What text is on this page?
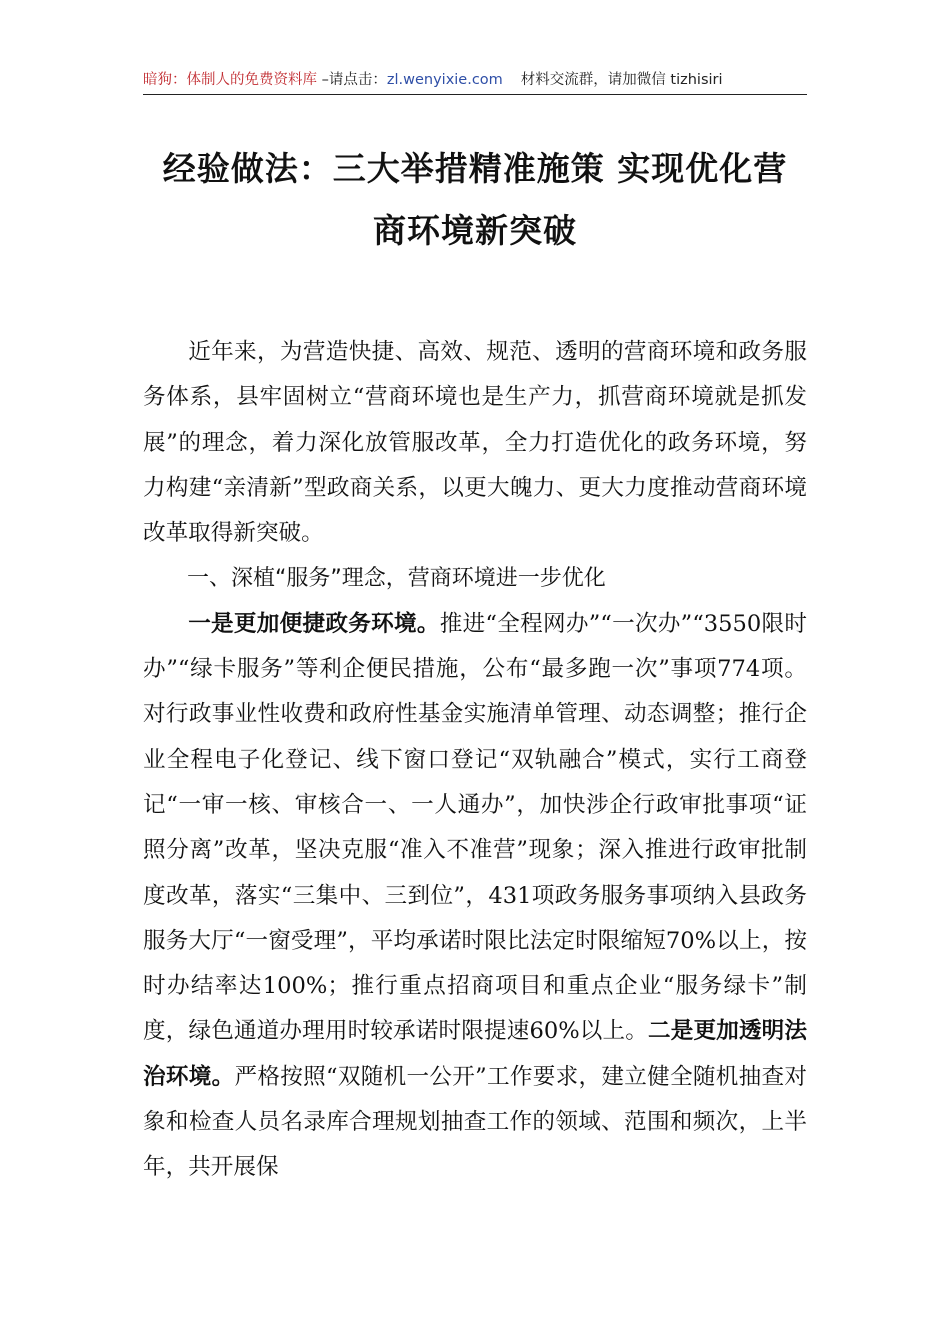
暗狗：体制人的免费资料库 –请点击：zl.wenyixie.com 材料交流群，请加微信 tizhisiri
经验做法：三大举措精准施策 实现优化营
商环境新突破

近年来，为营造快捷、高效、规范、透明的营商环境和政务服务体系，县牢固树立“营商环境也是生产力，抓营商环境就是抓发展”的理念，着力深化放管服改革，全力打造优化的政务环境，努力构建“亲清新”型政商关系，以更大魄力、更大力度推动营商环境改革取得新突破。

一、深植“服务”理念，营商环境进一步优化

一是更加便捷政务环境。推进“全程网办”“一次办”“3550限时办”“绿卡服务”等利企便民措施，公布“最多跑一次”事项774项。对行政事业性收费和政府性基金实施清单管理、动态调整；推行企业全程电子化登记、线下窗口登记“双轨融合”模式，实行工商登记“一审一核、审核合一、一人通办”，加快涉企行政审批事项“证照分离”改革，坚决克服“准入不准营”现象；深入推进行政审批制度改革，落实“三集中、三到位”，431项政务服务事项纳入县政务服务大厅“一窗受理”，平均承诺时限比法定时限缩短70%以上，按时办结率达100%；推行重点招商项目和重点企业“服务绿卡”制度，绿色通道办理用时较承诺时限提速60%以上。二是更加透明法治环境。严格按照“双随机一公开”工作要求，建立健全随机抽查对象和检查人员名录库合理规划抽查工作的领域、范围和频次，上半年，共开展保
